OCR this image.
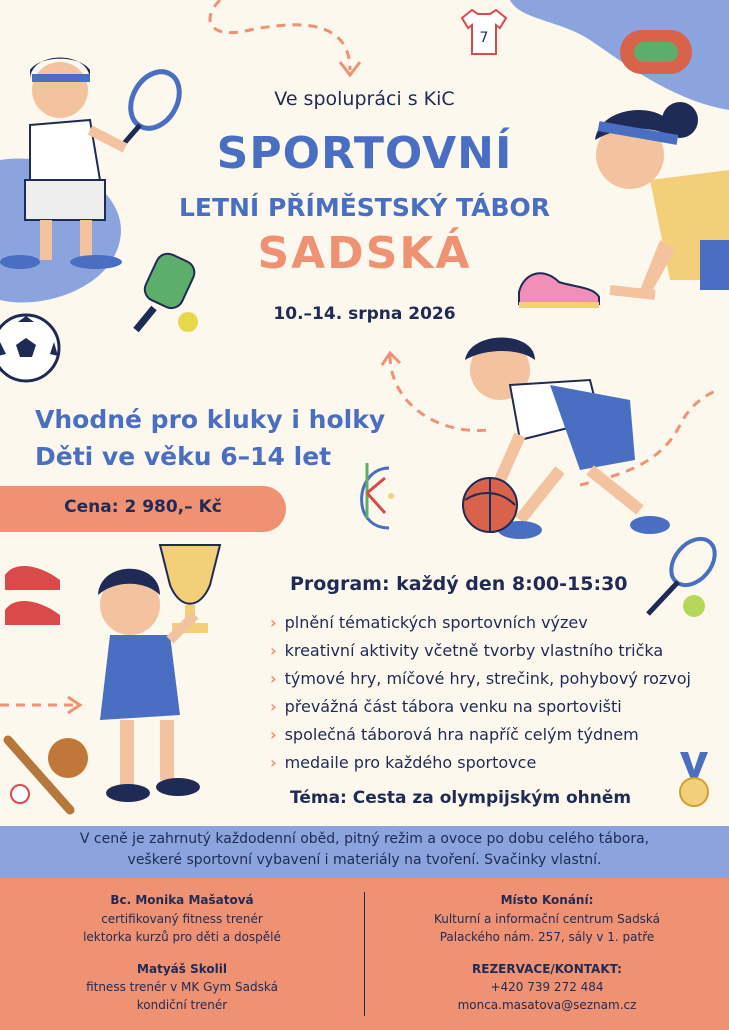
7
Ve spolupráci s KiC
SPORTOVNÍ
LETNÍ PŘÍMĚSTSKÝ TÁBOR
SADSKÁ
10.–14. srpna 2026
Vhodné pro kluky i holky
Děti ve věku 6–14 let
Cena: 2 980,– Kč
Program: každý den 8:00-15:30
› plnění tématických sportovních výzev
› kreativní aktivity včetně tvorby vlastního trička
› týmové hry, míčové hry, strečink, pohybový rozvoj
› převážná část tábora venku na sportovišti
› společná táborová hra napříč celým týdnem
› medaile pro každého sportovce
Téma: Cesta za olympijským ohněm
V ceně je zahrnutý každodenní oběd, pitný režim a ovoce po dobu celého tábora,
veškeré sportovní vybavení i materiály na tvoření. Svačinky vlastní.
Bc. Monika Mašatová
certifikovaný fitness trenér
lektorka kurzů pro děti a dospělé
Matyáš Skolil
fitness trenér v MK Gym Sadská
kondiční trenér
Místo Konání:
Kulturní a informační centrum Sadská
Palackého nám. 257, sály v 1. patře
REZERVACE/KONTAKT:
+420 739 272 484
monca.masatova@seznam.cz
